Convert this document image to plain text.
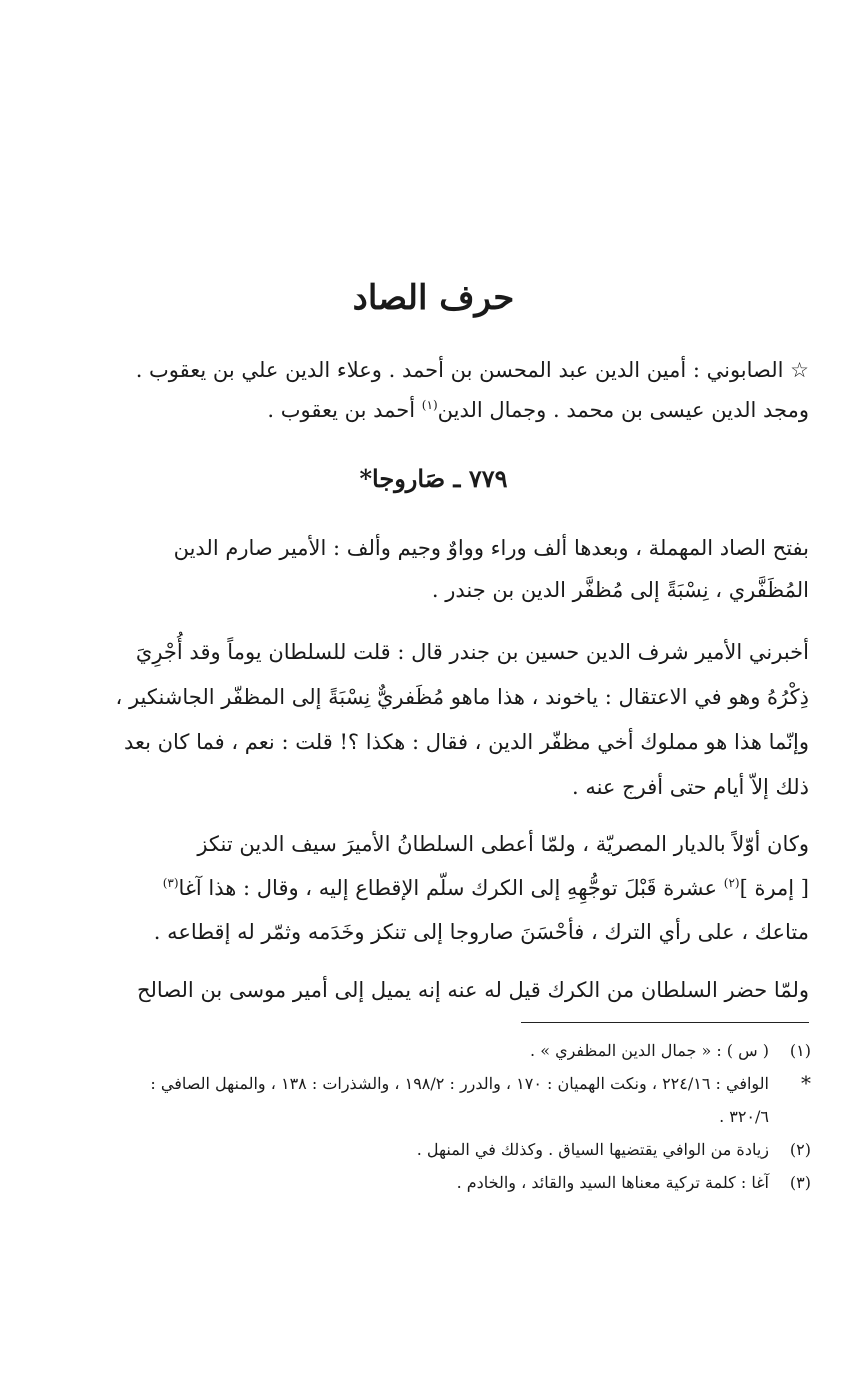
حرف الصاد
☆ الصابوني : أمين الدين عبد المحسن بن أحمد . وعلاء الدين علي بن يعقوب .
ومجد الدين عيسى بن محمد . وجمال الدين$^{(١)}$ أحمد بن يعقوب .
٧٧٩ ـ صَاروجا*
بفتح الصاد المهملة ، وبعدها ألف وراء وواوٌ وجيم وألف : الأمير صارم الدين
المُظَفَّري ، نِسْبَةً إلى مُظفَّر الدين بن جندر .
أخبرني الأمير شرف الدين حسين بن جندر قال : قلت للسلطان يوماً وقد أُجْرِيَ
ذِكْرُهُ وهو في الاعتقال : ياخوند ، هذا ماهو مُظَفريٌّ نِسْبَةً إلى المظفّر الجاشنكير ،
وإنّما هذا هو مملوك أخي مظفّر الدين ، فقال : هكذا ؟! قلت : نعم ، فما كان بعد
ذلك إلاّ أيام حتى أفرج عنه .
وكان أوّلاً بالديار المصريّة ، ولمّا أعطى السلطانُ الأميرَ سيف الدين تنكز
[ إمرة ]$^{(٢)}$ عشرة قَبْلَ توجُّهِهِ إلى الكرك سلّم الإقطاع إليه ، وقال : هذا آغا$^{(٣)}$
متاعك ، على رأي الترك ، فأحْسَنَ صاروجا إلى تنكز وخَدَمه وثمّر له إقطاعه .
ولمّا حضر السلطان من الكرك قيل له عنه إنه يميل إلى أمير موسى بن الصالح
(١)
( س ) : « جمال الدين المظفري » .
*
الوافي : ٢٢٤/١٦ ، ونكت الهميان : ١٧٠ ، والدرر : ١٩٨/٢ ، والشذرات : ١٣٨ ، والمنهل الصافي :
٣٢٠/٦ .
(٢)
زيادة من الوافي يقتضيها السياق . وكذلك في المنهل .
(٣)
آغا : كلمة تركية معناها السيد والقائد ، والخادم .
